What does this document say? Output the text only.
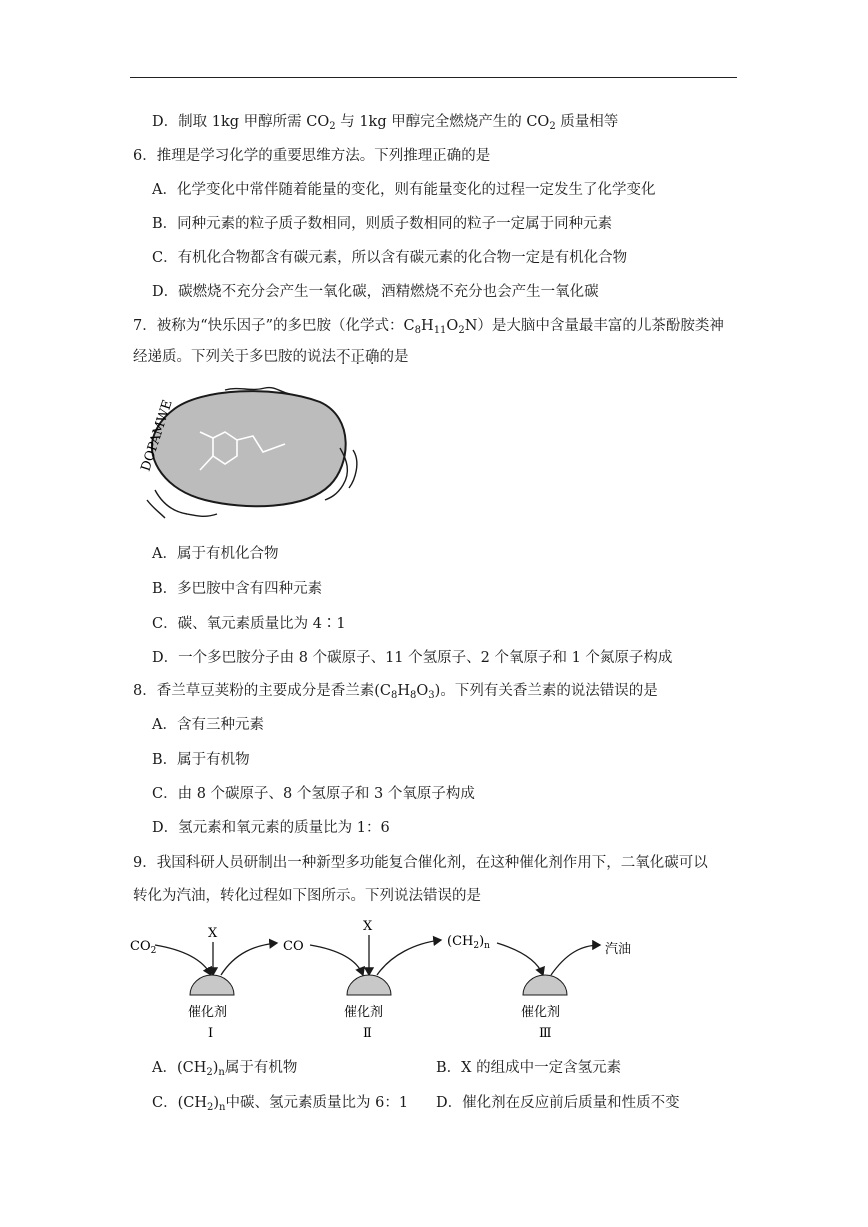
D．制取 1kg 甲醇所需 $CO_2$ 与 1kg 甲醇完全燃烧产生的 $CO_2$ 质量相等
6．推理是学习化学的重要思维方法。下列推理正确的是
A．化学变化中常伴随着能量的变化，则有能量变化的过程一定发生了化学变化
B．同种元素的粒子质子数相同，则质子数相同的粒子一定属于同种元素
C．有机化合物都含有碳元素，所以含有碳元素的化合物一定是有机化合物
D．碳燃烧不充分会产生一氧化碳，酒精燃烧不充分也会产生一氧化碳
7．被称为“快乐因子”的多巴胺（化学式：$C_8H_{11}O_2N$）是大脑中含量最丰富的儿茶酚胺类神
经递质。下列关于多巴胺的说法不正确的是
DOPAMWE
A．属于有机化合物
B．多巴胺中含有四种元素
C．碳、氧元素质量比为 4∶1
D．一个多巴胺分子由 8 个碳原子、11 个氢原子、2 个氧原子和 1 个氮原子构成
8．香兰草豆荚粉的主要成分是香兰素$(C_8H_8O_3)$。下列有关香兰素的说法错误的是
A．含有三种元素
B．属于有机物
C．由 8 个碳原子、8 个氢原子和 3 个氧原子构成
D．氢元素和氧元素的质量比为 1：6
9．我国科研人员研制出一种新型多功能复合催化剂，在这种催化剂作用下，二氧化碳可以
转化为汽油，转化过程如下图所示。下列说法错误的是
$CO_2$
X
CO
X
$(CH_2)_n$	汽油
催化剂	催化剂	催化剂
Ⅰ	Ⅱ	Ⅲ
A．$(CH_2)_n$属于有机物	B．X 的组成中一定含氢元素
C．$(CH_2)_n$中碳、氢元素质量比为 6：1 D．催化剂在反应前后质量和性质不变
